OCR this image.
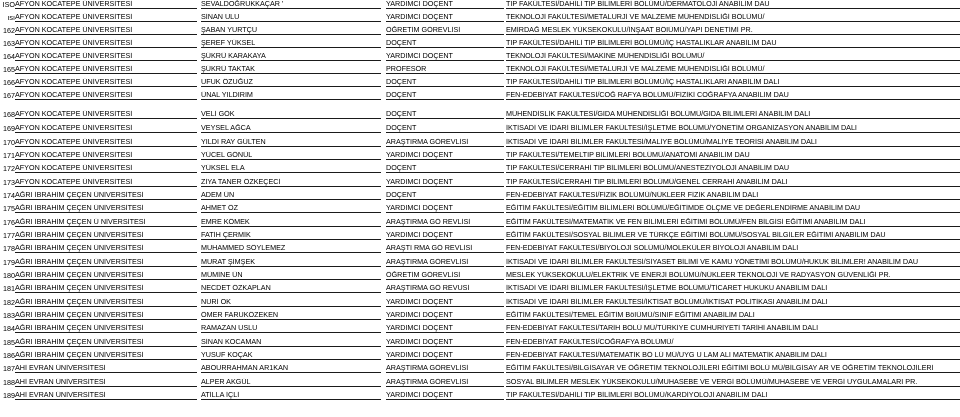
ISO AFYON KOCATEPE ÜNİVERSİTESİ	SEVALDOĞRUKKAÇAR '	YARDIMCI DOÇENT	TIP FAKÜLTESİ/DAHİLİ TIP BİLİMLERİ BÖLÜMÜ/DERMATOLOJİ ANABİLİM DAU
ısı AFYON KOCATEPE ÜNİVERSİTESİ	SİNAN ULU	YARDIMCI DOÇENT	TEKNOLOJİ FAKÜLTESİ/METALURJİ VE MALZEME MÜHENDİSLİĞİ BÖLÜMÜ/
162 AFYON KOCATEPE ÜNİVERSİTESİ	ŞABAN YURTÇU	ÖĞRETİM GÖREVLİSİ	EMİRDAĞ MESLEK YÜKSEKOKULU/İNŞAAT BÖIÜMÜ/YAPI DENETİMİ PR.
163 AFYON KOCATEPE ÜNİVERSİTESİ	ŞEREF YÜKSEL	DOÇENT	TIP FAKÜLTESİ/DAHİLİ TIP BİLİMLERİ BÖLÜMÜ/İÇ HASTALIKLAR ANABİLİM DAU
164 AFYON KOCATEPE ÜNİVERSİTESİ	ŞÜKRÜ KARAKAYA	YARDIMCI DOÇENT	TEKNOLOJİ FAKÜLTESİ/MAKİNE MÜHENDİSLİĞİ BÖLÜMÜ/
165 AFYON KOCATEPE ÜNİVERSİTESİ	ŞÜKRÜ TAKTAK	PROFESÖR	TEKNOLOJİ FAKÜLTESİ/METALURJİ VE MALZEME MÜHENDİSLİĞİ BÖLÜMÜ/
166 AFYON KOCATEPE ÜNİVERSİTESİ	UFUK ÖZUĞUZ	DOÇENT	TIP FAKÜLTESİ/DAHİLİ TIP BİLİMLERİ BÖLÜMÜ/İÇ HASTALIKLARI ANABİLİM DALI
167 AFYON KOCATEPE ÜNİVERSİTESİ	ÜNAL YILDIRIM	DOÇENT	FEN-EDEBİYAT FAKÜLTESİ/COĞ RAFYA BÖLÜMÜ/FİZİKİ COĞRAFYA ANABİLİM DAU
168 AFYON KOCATEPE ÜNİVERSİTESİ	VELİ GÖK	DOÇENT	MÜHENDİSLİK FAKÜLTESİ/GIDA MÜHENDİSLİĞİ BÖLÜMÜ/GIDA BİLİMLERİ ANABİLİM DALI
169 AFYON KOCATEPE ÜNİVERSİTESİ	VEYSEL AĞCA	DOÇENT	İKTİSADİ VE İDARİ BİLİMLER FAKÜLTESİ/İŞLETME BÖLÜMÜ/YÖNETİM ORGANİZASYON ANABİLİM DALI
170 AFYON KOCATEPE ÜNİVERSİTESİ	YILDI RAY GÜLTEN	ARAŞTIRMA GÖREVLİSİ	İKTİSADİ VE İDARİ BİLİMLER FAKÜLTESİ/MALİYE BÖLÜMÜ/MALİYE TEORİSİ ANABİLİM DALI
171 AFYON KOCATEPE ÜNİVERSİTESİ	YÜCEL GÖNÜL	YARDIMCI DOÇENT	TIP FAKÜLTESİ/TEMELTIP BİLİMLERİ BÖLÜMÜ/ANATOMİ ANABİLİM DAU
172 AFYON KOCATEPE ÜNİVERSİTESİ	YÜKSEL ELA	DOÇENT	TIP FAKÜLTESİ/CERRAHİ TIP BİLİMLERİ BÖLÜMÜ/ANESTEZİYOLOJİ ANABİLİM DAU
173 AFYON KOCATEPE ÜNİVERSİTESİ	ZİYA TANER ÖZKEÇECİ	YARDIMCI DOÇENT	TIP FAKÜLTESİ/CERRAHİ TIP BİLİMLERİ BÖLÜMÜ/GENEL CERRAHİ ANABİLİM DALI
174 AĞRI İBRAHİM ÇEÇEN ÜNİVERSİTESİ	ADEM ÜN	DOÇENT	FEN-EDEBİYAT FAKÜLTESİ/FİZİK BÖLÜMÜ/NÜKLEER FİZİK ANABİLİM DALI
175 AĞRI İBRAHİM ÇEÇEN ÜNİVERSİTESİ	AHMET ÖZ	YARDIMCI DOÇENT	EĞİTİM FAKÜLTESİ/EĞİTİM BİLİMLERİ BÖLÜMÜ/EĞİTİMDE ÖLÇME VE DEĞERLENDİRME ANABİLİM DAU
176 AĞRI İBRAHİM ÇEÇEN Ü NİVERSİTESİ	EMRE KÖMEK	ARAŞTIRMA GÖ REVLİSİ	EĞİTİM FAKÜLTESİ/MATEMATİK VE FEN BİLİMLERİ EĞİTİMİ BÖLÜMÜ/FEN BİLGİSİ EĞİTİMİ ANABİLİM DALI
177 AĞRI İBRAHİM ÇEÇEN ÜNİVERSİTESİ	FATİH ÇERMİK	YARDIMCI DOÇENT	EĞİTİM FAKÜLTESİ/SOSYAL BİLİMLER VE TÜRKÇE EĞİTİMİ BÖLÜMÜ/SOSYAL BİLGİLER EĞİTİMİ ANABİLİM DAU
178 AĞRI İBRAHİM ÇEÇEN ÜNİVERSİTESİ	MUHAMMED SÖYLEMEZ	ARAŞTI RMA GÖ REVLİSİ	FEN-EDEBİYAT FAKÜLTESİ/BİYOLOJİ SOLÜMÜ/MOLEKÜLER BİYOLOJİ ANABİLİM DALI
179 AĞRI İBRAHİM ÇEÇEN ÜNİVERSİTESİ	MURAT ŞİMŞEK	ARAŞTIRMA GÖREVLİSİ	İKTİSADİ VE İDARİ BİLİMLER FAKÜLTESİ/SİYASET BİLİMİ VE KAMU YÖNETİMİ BÖLÜMÜ/HUKUK BİLİMLER! ANABİLİM DAU
180 AĞRI İBRAHİM ÇEÇEN ÜNİVERSİTESİ	MÜMİNE ÜN	ÖĞRETİM GÖREVLİSİ	MESLEK YÜKSEKOKULU/ELEKTRİK VE ENERJİ BÖLÜMÜ/NÜKLEER TEKNOLOJİ VE RADYASYON GÜVENLİĞİ PR.
181 AĞRI İBRAHİM ÇEÇEN ÜNİVERSİTESİ	NECDET ÖZKAPLAN	ARAŞTIRMA GÖ REVUSİ	İKTİSADİ VE İDARİ BİLİMLER FAKÜLTESİ/İŞLETME BÖLÜMÜ/TİCARET HUKUKU ANABİLİM DALI
182 AĞRI İBRAHİM ÇEÇEN ÜNİVERSİTESİ	NURİ OK	YARDIMCI DOÇENT	İKTİSADİ VE İDARİ BİLİMLER FAKÜLTESİ/İKTİSAT BÖLÜMÜ/İKTİSAT POLİTİKASI ANABİLİM DALI
183 AĞRI İBRAHİM ÇEÇEN ÜNİVERSİTESİ	ÖMER FARUKÖZEKEN	YARDIMCI DOÇENT	EĞİTİM FAKÜLTESİ/TEMEL EĞİTİM BöIÜMÜ/SINIF EĞİTİMİ ANABİLİM DALI
184 AĞRI İBRAHİM ÇEÇEN ÜNİVERSİTESİ	RAMAZAN USLU	YARDIMCI DOÇENT	FEN-EDEBİYAT FAKÜLTESİ/TARİH BOLÜ MÜ/TÜRKİYE CUMHURİYETİ TARİHİ ANABİLİM DALI
185 AĞRI İBRAHİM ÇEÇEN ÜNİVERSİTESİ	SİNAN KOCAMAN	YARDIMCI DOÇENT	FEN-EDEBİYAT FAKÜLTESİ/COĞRAFYA BÖLÜMÜ/
186 AĞRI İBRAHİM ÇEÇEN ÜNİVERSİTESİ	YUSUF KOÇAK	YARDIMCI DOÇENT	FEN-EDEBİYAT FAKÜLTESİ/MATEMATİK BÖ LÜ MÜ/UYG U LAM ALI MATEMATİK ANABİLİM DALI
187 AHİ EVRAN ÜNİVERSİTESİ	ABOURRAHMAN AR1KAN	ARAŞTIRMA GÖREVLİSİ	EĞİTİM FAKÜLTESİ/BİLGİSAYAR VE ÖĞRETİM TEKNOLOJİLERİ EĞİTİMİ BOLÜ MÜ/BİLGİSAY AR VE ÖĞRETİM TEKNOLOJİLERİ
188 AHİ EVRAN ÜNİVERSİTESİ	ALPER AKGÜL	ARAŞTIRMA GÖREVLİSİ	SOSYAL BİLİMLER MESLEK YÜKSEKOKULU/MUHASEBE VE VERGİ BÖLÜMÜ/MUHASEBE VE VERGİ UYGULAMALARI PR.
189 AHİ EVRAN ÜNİVERSİTESİ	ATİLLA İÇLİ	YARDIMCI DOÇENT	TIP FAKÜLTESİ/DAHİLİ TIP BİLİMLERİ BÖLÜMÜ/KARDİYOLOJİ ANABİLİM DALI
